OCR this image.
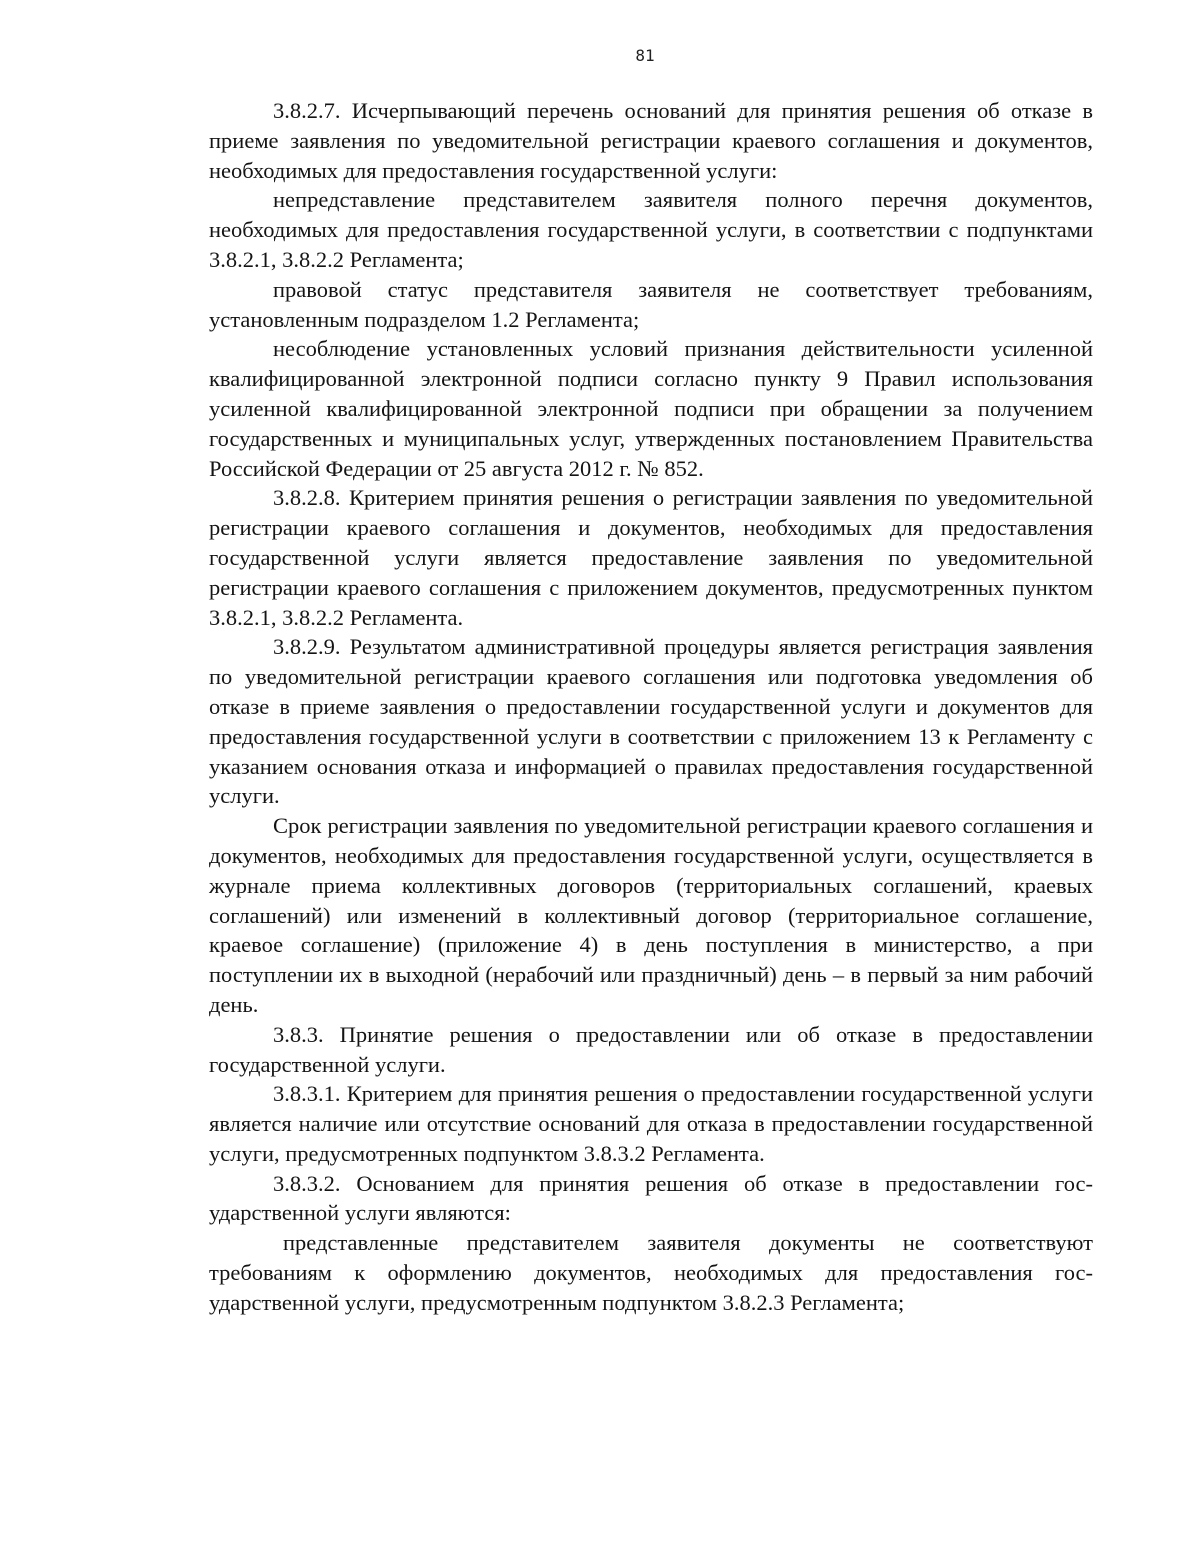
81

3.8.2.7. Исчерпывающий перечень оснований для принятия решения об отказе в приеме заявления по уведомительной регистрации краевого соглашения и документов, необходимых для предоставления государственной услуги:

непредставление представителем заявителя полного перечня документов, необходимых для предоставления государственной услуги, в соответствии с подпунктами 3.8.2.1, 3.8.2.2 Регламента;

правовой статус представителя заявителя не соответствует требованиям, установленным подразделом 1.2 Регламента;

несоблюдение установленных условий признания действительности усиленной квалифицированной электронной подписи согласно пункту 9 Правил использования усиленной квалифицированной электронной подписи при обращении за получением государственных и муниципальных услуг, утвержденных постановлением Правительства Российской Федерации от 25 августа 2012 г. № 852.

3.8.2.8. Критерием принятия решения о регистрации заявления по уведомительной регистрации краевого соглашения и документов, необходимых для предоставления государственной услуги является предоставление заявления по уведомительной регистрации краевого соглашения с приложением документов, предусмотренных пунктом 3.8.2.1, 3.8.2.2 Регламента.

3.8.2.9. Результатом административной процедуры является регистрация заявления по уведомительной регистрации краевого соглашения или подготовка уведомления об отказе в приеме заявления о предоставлении государственной услуги и документов для предоставления государственной услуги в соответствии с приложением 13 к Регламенту с указанием основания отказа и информацией о правилах предоставления государственной услуги.

Срок регистрации заявления по уведомительной регистрации краевого соглашения и документов, необходимых для предоставления государственной услуги, осуществляется в журнале приема коллективных договоров (территориальных соглашений, краевых соглашений) или изменений в коллективный договор (территориальное соглашение, краевое соглашение) (приложение 4) в день поступления в министерство, а при поступлении их в выходной (нерабочий или праздничный) день – в первый за ним рабочий день.

3.8.3. Принятие решения о предоставлении или об отказе в предоставлении государственной услуги.

3.8.3.1. Критерием для принятия решения о предоставлении государственной услуги является наличие или отсутствие оснований для отказа в предоставлении государственной услуги, предусмотренных подпунктом 3.8.3.2 Регламента.

3.8.3.2. Основанием для принятия решения об отказе в предоставлении государственной услуги являются:

представленные представителем заявителя документы не соответствуют требованиям к оформлению документов, необходимых для предоставления государственной услуги, предусмотренным подпунктом 3.8.2.3 Регламента;
